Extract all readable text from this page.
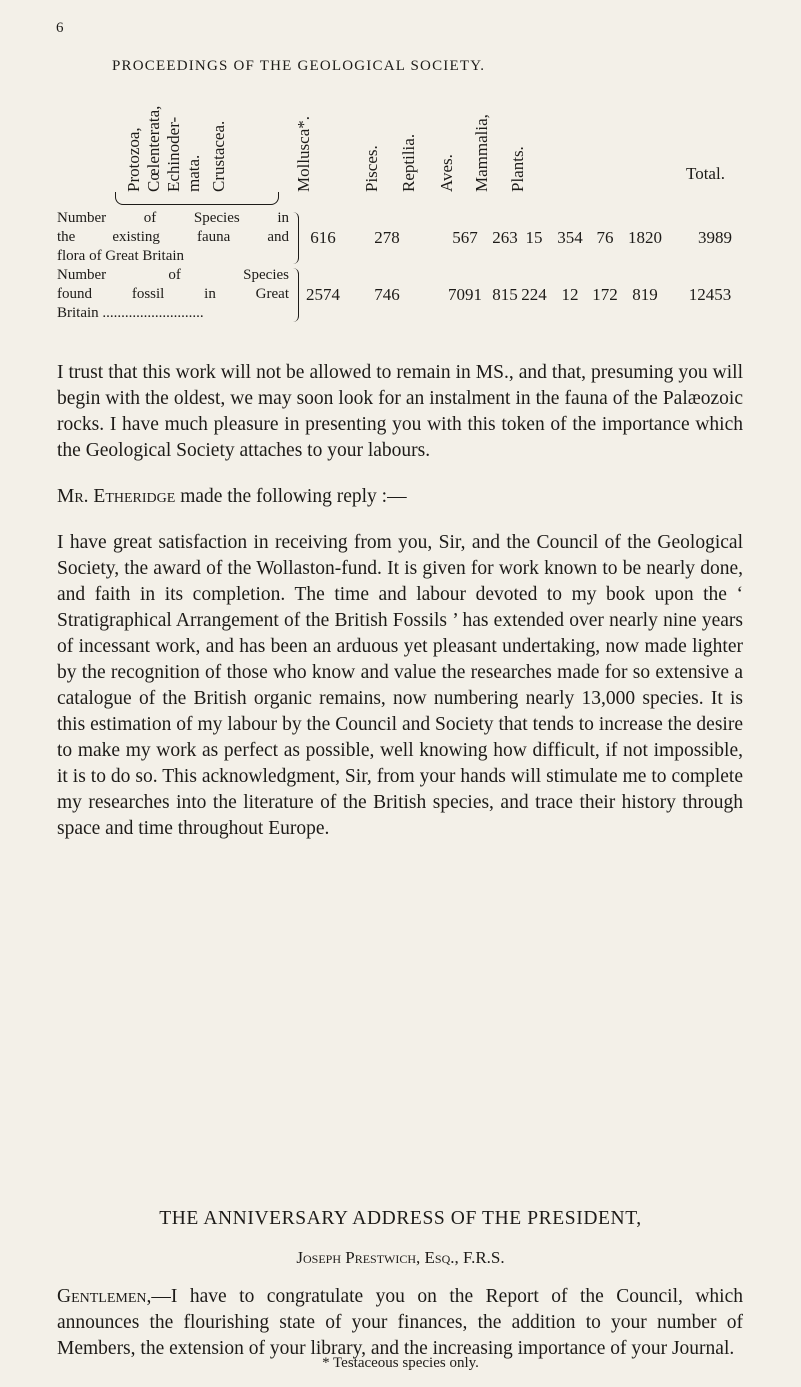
6
PROCEEDINGS OF THE GEOLOGICAL SOCIETY.
Protozoa, Cœlenterata, Echinoder- mata. Crustacea.	Mollusca*.	Pisces. Reptilia. Aves. Mammalia, Plants.	Total.
Number of Species in
the existing fauna and
flora of Great Britain
616	278	567 263 15 354 76 1820	3989
Number of Species
found fossil in Great
Britain ...........................
2574	746	7091 815 224 12 172 819	12453

I trust that this work will not be allowed to remain in MS., and that, presuming you will begin with the oldest, we may soon look for an instalment in the fauna of the Palæozoic rocks. I have much pleasure in presenting you with this token of the importance which the Geological Society attaches to your labours.

Mr. Etheridge made the following reply :—

I have great satisfaction in receiving from you, Sir, and the Council of the Geological Society, the award of the Wollaston-fund. It is given for work known to be nearly done, and faith in its completion. The time and labour devoted to my book upon the ‘ Stratigraphical Arrangement of the British Fossils ’ has extended over nearly nine years of incessant work, and has been an arduous yet pleasant undertaking, now made lighter by the recognition of those who know and value the researches made for so extensive a catalogue of the British organic remains, now numbering nearly 13,000 species. It is this estimation of my labour by the Council and Society that tends to increase the desire to make my work as perfect as possible, well knowing how difficult, if not impossible, it is to do so. This acknowledgment, Sir, from your hands will stimulate me to complete my researches into the literature of the British species, and trace their history through space and time throughout Europe.

THE ANNIVERSARY ADDRESS OF THE PRESIDENT,
Joseph Prestwich, Esq., F.R.S.
Gentlemen,—I have to congratulate you on the Report of the Council, which announces the flourishing state of your finances, the addition to your number of Members, the extension of your library, and the increasing importance of your Journal.
* Testaceous species only.
